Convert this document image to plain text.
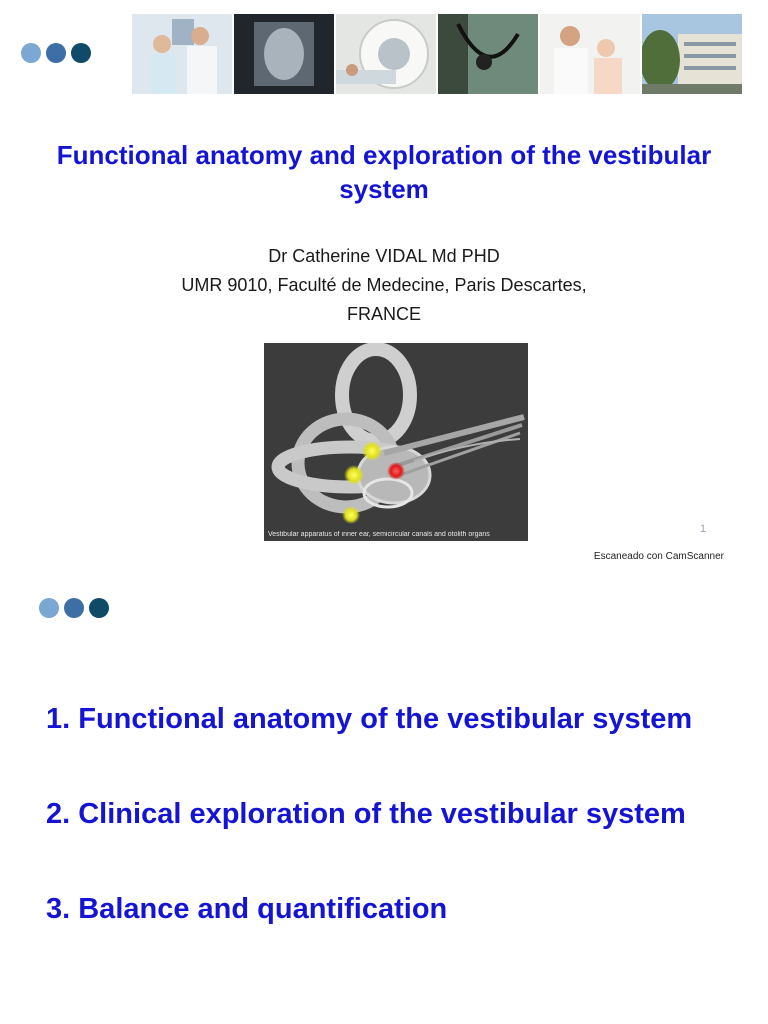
Functional anatomy and exploration of the vestibular system
Dr Catherine VIDAL Md PHD
UMR 9010, Faculté de Medecine, Paris Descartes,
FRANCE
Vestibular apparatus of inner ear, semicircular canals and otolith organs	1
Escaneado con CamScanner
1. Functional anatomy of the vestibular system
2. Clinical exploration of the vestibular system
3. Balance and quantification
